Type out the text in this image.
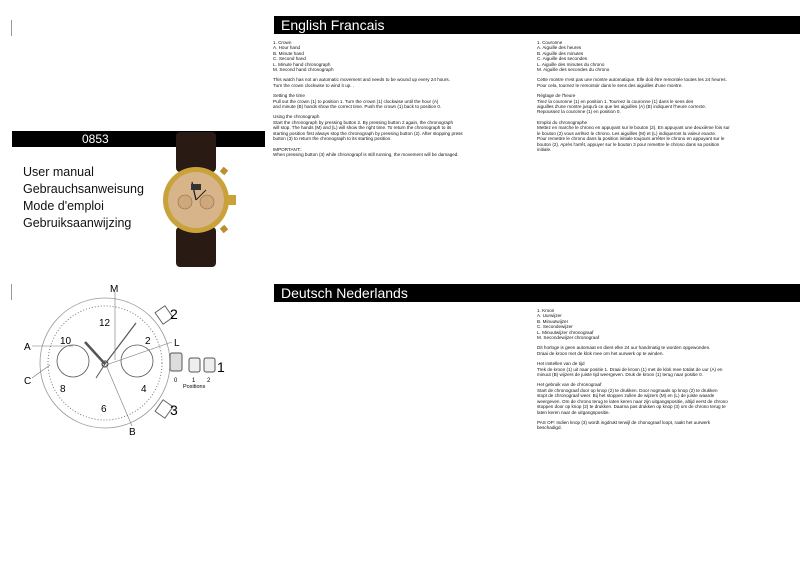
0853
User manual
Gebrauchsanweisung
Mode d'emploi
Gebruiksaanwijzing
M
A
C
B
L
2
3
1
12
10	2
8	4
6
0 1 2
Positions
English Francais
Deutsch Nederlands

1. Crown
A. Hour hand
B. Minute hand
C. Second hand
L. Minute hand chronograph
M. Second hand chronograph

This watch has not an automatic movement and needs to be wound up every 24 hours.
Turn the crown clockwise to wind it up. .

Setting the time
Pull out the crown (1) to position 1. Turn the crown (1) clockwise until the hour (A)
and minute (B) hands show the correct time. Push the crown (1) back to position 0.

Using the chronograph
Start the chronograph by pressing button 2. By pressing button 2 again, the chronograph
will stop. The hands (M) and (L) will show the right time. To return the chronograph to its
starting position first always stop the chronograph by pressing button (2). After stopping press
button (3) to return the chronograph to its starting position.

IMPORTANT::
When pressing button (3) while chronograpf is still running, the movement will be damaged.

1. Couronne
A. Aiguille des heures
B. Aiguille des minutes
C. Aiguille des secondes
L. Aiguille des minutes du chrono
M. Aiguille des secondes du chrono

Cette montre n'est pas une montre automatique. Elle doit être remontée toutes les 24 heures.
Pour cela, tournez le remontoir dans le sens des aiguilles d'une montre.

Réglage de l'heure
Tirez la couronne (1) en position 1. Tournez la couronne (1) dans le sens des
aiguilles d'une montre jusqu'à ce que les aiguilles (A) (B) indiquent l'heure correcte.
Repoussez la couronne (1) en position 0.

Emploi du chronographe
Mettez en marche le chrono en appuyant sur le bouton (2). En appuyant une deuxième fois sur
le bouton (2) vous arrêtez le chrono. Les aiguilles (M) et (L) indiqueront la valeur exacte.
Pour remettre le chrono dans la position initiale toujours arrêter le chrono en appuyant sur le
bouton (2). Après l'arrêt, appuyer sur le bouton 3 pour remettre le chrono dans sa position
initiale.

1. Kroon
A. Uurwijzer
B. Minuutwijzer
C. Secondewijzer
L. Minuutwijzer chronograaf
M. Secondewijzer chronograaf

Dit horloge is geen automaat en dient elke 24 uur handmatig te worden opgewonden.
Draai de kroon met de klok mee om het uurwerk op te winden.

Het instellen van de tijd
Trek de kroon (1) uit naar positie 1. Draai de kroon (1) met de klok mee totdat de uur (A) en
minuut (B) wijzers de juiste tijd weergeven. Druk de kroon (1) terug naar positie 0.

Het gebruik van de chronograaf
Start de chronograaf door op knop (2) te drukken. Door nogmaals op knop (2) te drukken
stopt de chronograaf weer. Bij het stoppen zullen de wijzers (M) en (L) de juiste waarde
weergeven. Om de chrono terug te laten keren naar zijn uitgangspositie, altijd eerst de chrono
stoppen door op knop (2) te drukken. Daarna pas drukken op knop (3) om de chrono terug te
laten keren naar de uitgangspositie.

PAS OP: Indien knop (3) wordt ingdrukt terwijl de chonograaf loopt, raakt het uurwerk
beschadigd.
